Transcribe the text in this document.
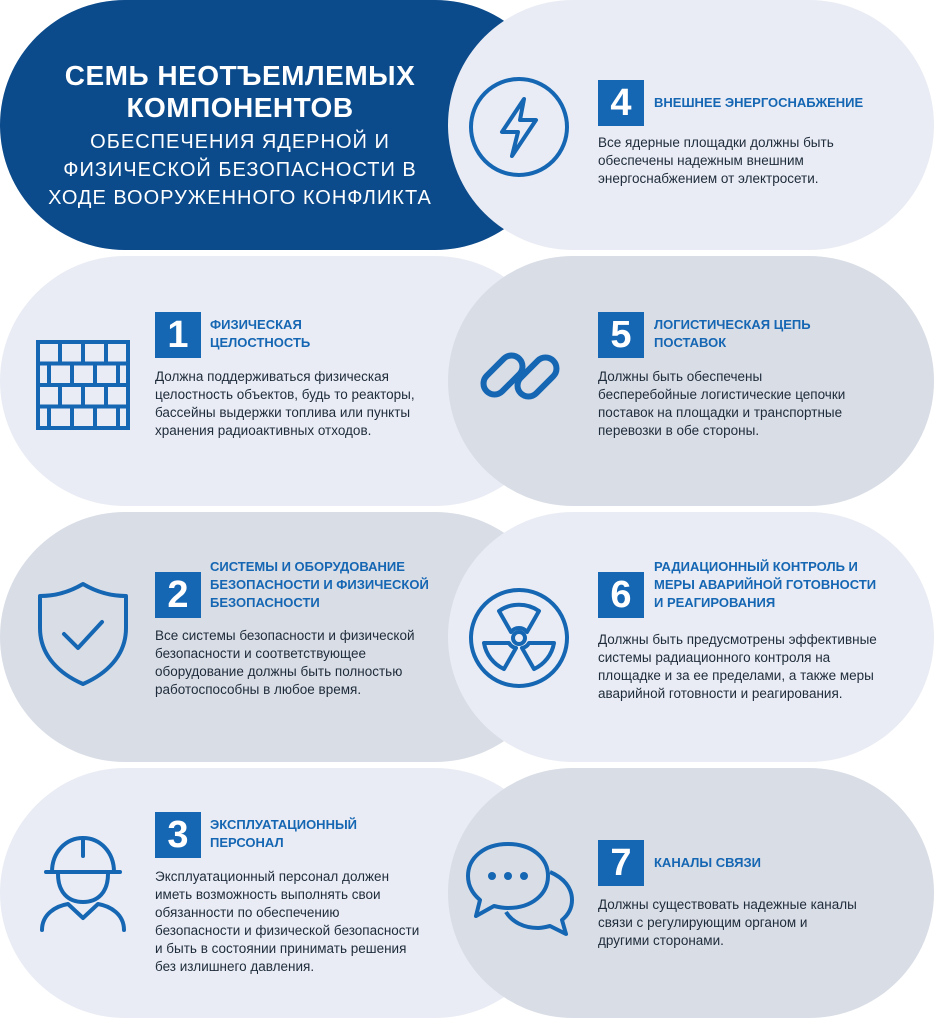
СЕМЬ НЕОТЪЕМЛЕМЫХ КОМПОНЕНТОВ
ОБЕСПЕЧЕНИЯ ЯДЕРНОЙ И ФИЗИЧЕСКОЙ БЕЗОПАСНОСТИ В ХОДЕ ВООРУЖЕННОГО КОНФЛИКТА
4	ВНЕШНЕЕ ЭНЕРГОСНАБЖЕНИЕ
Все ядерные площадки должны быть обеспечены надежным внешним энергоснабжением от электросети.
1	ФИЗИЧЕСКАЯ ЦЕЛОСТНОСТЬ
Должна поддерживаться физическая целостность объектов, будь то реакторы, бассейны выдержки топлива или пункты хранения радиоактивных отходов.
5	ЛОГИСТИЧЕСКАЯ ЦЕПЬ ПОСТАВОК
Должны быть обеспечены бесперебойные логистические цепочки поставок на площадки и транспортные перевозки в обе стороны.
2
СИСТЕМЫ И ОБОРУДОВАНИЕ БЕЗОПАСНОСТИ И ФИЗИЧЕСКОЙ БЕЗОПАСНОСТИ
Все системы безопасности и физической безопасности и соответствующее оборудование должны быть полностью работоспособны в любое время.
6
РАДИАЦИОННЫЙ КОНТРОЛЬ И МЕРЫ АВАРИЙНОЙ ГОТОВНОСТИ И РЕАГИРОВАНИЯ
Должны быть предусмотрены эффективные системы радиационного контроля на площадке и за ее пределами, а также меры аварийной готовности и реагирования.
3	ЭКСПЛУАТАЦИОННЫЙ ПЕРСОНАЛ
Эксплуатационный персонал должен иметь возможность выполнять свои обязанности по обеспечению безопасности и физической безопасности и быть в состоянии принимать решения без излишнего давления.
7	КАНАЛЫ СВЯЗИ
Должны существовать надежные каналы связи с регулирующим органом и другими сторонами.
